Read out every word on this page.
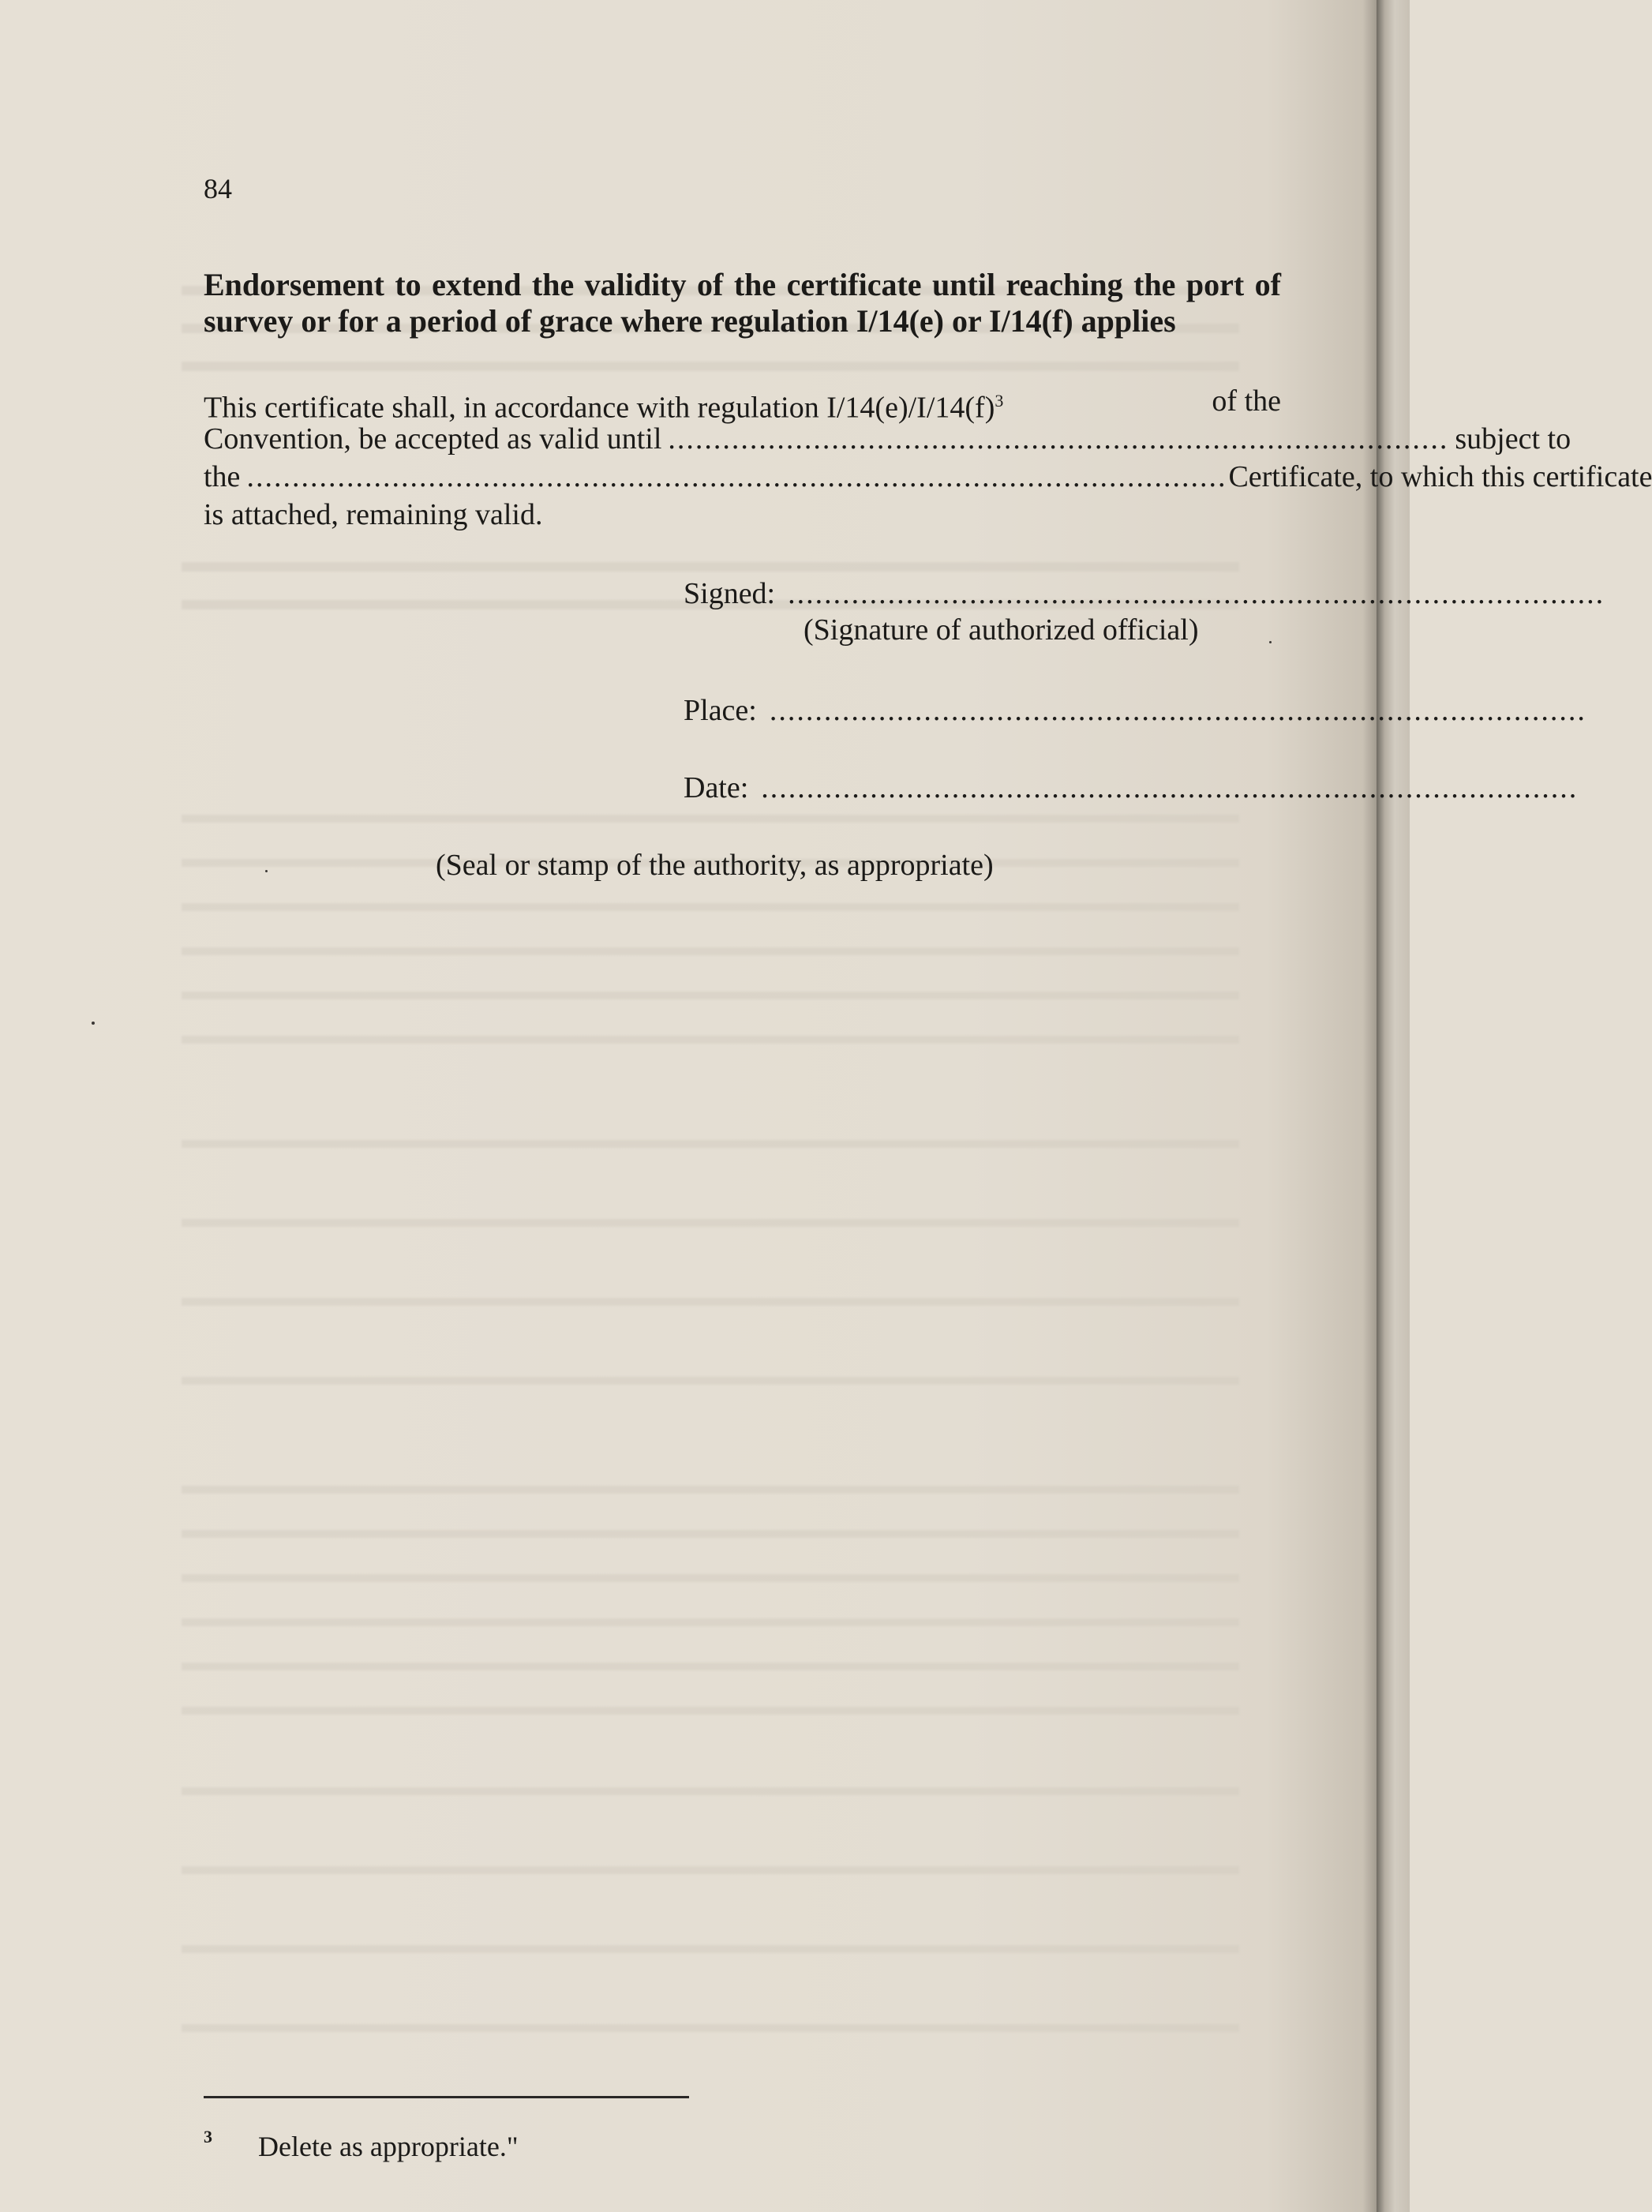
84
Endorsement to extend the validity of the certificate until reaching the port of survey or for a period of grace where regulation I/14(e) or I/14(f) applies
This certificate shall, in accordance with regulation $I/14(e)/I/14(f)^3$	of the
Convention, be accepted as valid until ...................................................................................... subject to
the ............................................................................................................ Certificate, to which this certificate
is attached, remaining valid.
Signed: ..........................................................................................
(Signature of authorized official)
Place: ..........................................................................................
Date: ..........................................................................................
(Seal or stamp of the authority, as appropriate)
$^3$ Delete as appropriate."
